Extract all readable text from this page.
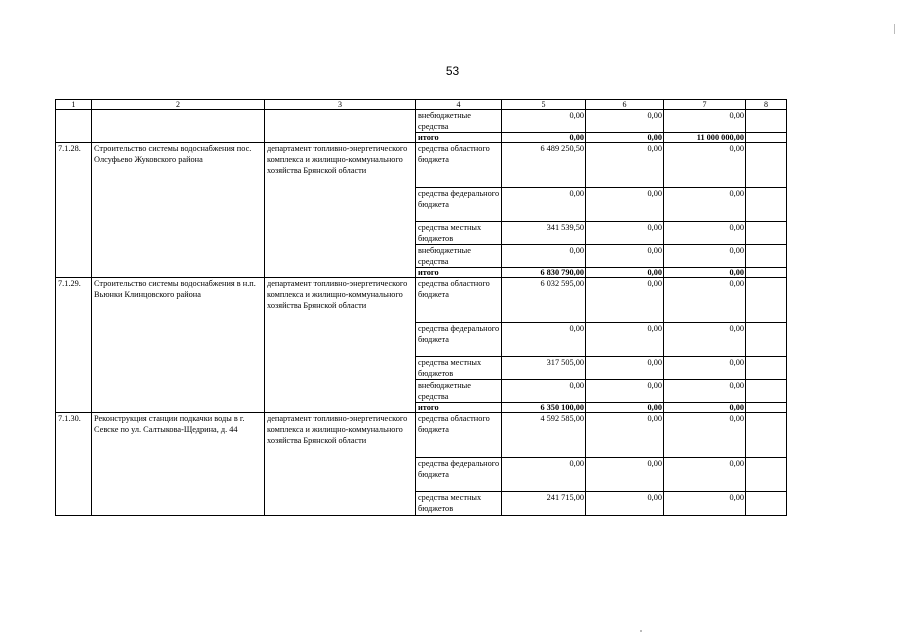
53
1	2	3	4	5	6	7	8
			внебюджетные средства	0,00	0,00	0,00	
			итого	0,00	0,00	11 000 000,00	
7.1.28.	Строительство системы водоснабжения пос. Олсуфьево Жуковского района	департамент топливно-энергетического комплекса и жилищно-коммунального хозяйства Брянской области	средства областного бюджета	6 489 250,50	0,00	0,00	
			средства федерального бюджета	0,00	0,00	0,00	
			средства местных бюджетов	341 539,50	0,00	0,00	
			внебюджетные средства	0,00	0,00	0,00	
			итого	6 830 790,00	0,00	0,00	
7.1.29.	Строительство системы водоснабжения в н.п. Вьюнки Клинцовского района	департамент топливно-энергетического комплекса и жилищно-коммунального хозяйства Брянской области	средства областного бюджета	6 032 595,00	0,00	0,00	
			средства федерального бюджета	0,00	0,00	0,00	
			средства местных бюджетов	317 505,00	0,00	0,00	
			внебюджетные средства	0,00	0,00	0,00	
			итого	6 350 100,00	0,00	0,00	
7.1.30.	Реконструкция станции подкачки воды в г. Севске по ул. Салтыкова-Щедрина, д. 44	департамент топливно-энергетического комплекса и жилищно-коммунального хозяйства Брянской области	средства областного бюджета	4 592 585,00	0,00	0,00	
			средства федерального бюджета	0,00	0,00	0,00	
			средства местных бюджетов	241 715,00	0,00	0,00	
